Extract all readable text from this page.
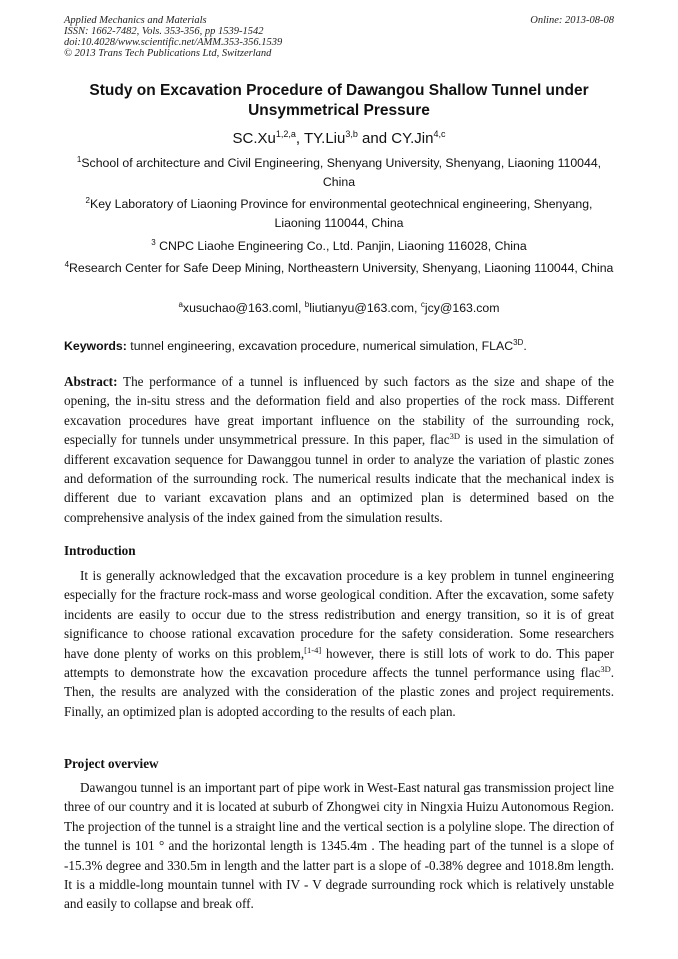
Applied Mechanics and Materials
ISSN: 1662-7482, Vols. 353-356, pp 1539-1542
doi:10.4028/www.scientific.net/AMM.353-356.1539
© 2013 Trans Tech Publications Ltd, Switzerland
Online: 2013-08-08
Study on Excavation Procedure of Dawangou Shallow Tunnel under Unsymmetrical Pressure
SC.Xu$^{1,2,a}$, TY.Liu$^{3,b}$ and CY.Jin$^{4,c}$
$^1$School of architecture and Civil Engineering, Shenyang University, Shenyang, Liaoning 110044, China
$^2$Key Laboratory of Liaoning Province for environmental geotechnical engineering, Shenyang, Liaoning 110044, China
$^3$ CNPC Liaohe Engineering Co., Ltd. Panjin, Liaoning 116028, China
$^4$Research Center for Safe Deep Mining, Northeastern University, Shenyang, Liaoning 110044, China
$^a$xusuchao@163.coml, $^b$liutianyu@163.com, $^c$jcy@163.com
Keywords: tunnel engineering, excavation procedure, numerical simulation, $FLAC^{3D}$.

Abstract: The performance of a tunnel is influenced by such factors as the size and shape of the opening, the in-situ stress and the deformation field and also properties of the rock mass. Different excavation procedures have great important influence on the stability of the surrounding rock, especially for tunnels under unsymmetrical pressure. In this paper, flac$^{3D}$ is used in the simulation of different excavation sequence for Dawanggou tunnel in order to analyze the variation of plastic zones and deformation of the surrounding rock. The numerical results indicate that the mechanical index is different due to variant excavation plans and an optimized plan is determined based on the comprehensive analysis of the index gained from the simulation results.

Introduction

It is generally acknowledged that the excavation procedure is a key problem in tunnel engineering especially for the fracture rock-mass and worse geological condition. After the excavation, some safety incidents are easily to occur due to the stress redistribution and energy transition, so it is of great significance to choose rational excavation procedure for the safety consideration. Some researchers have done plenty of works on this problem,[1-4] however, there is still lots of work to do. This paper attempts to demonstrate how the excavation procedure affects the tunnel performance using flac$^{3D}$. Then, the results are analyzed with the consideration of the plastic zones and project requirements. Finally, an optimized plan is adopted according to the results of each plan.

Project overview

Dawangou tunnel is an important part of pipe work in West-East natural gas transmission project line three of our country and it is located at suburb of Zhongwei city in Ningxia Huizu Autonomous Region. The projection of the tunnel is a straight line and the vertical section is a polyline slope. The direction of the tunnel is 101 ° and the horizontal length is 1345.4m . The heading part of the tunnel is a slope of -15.3% degree and 330.5m in length and the latter part is a slope of -0.38% degree and 1018.8m length. It is a middle-long mountain tunnel with IV - V degrade surrounding rock which is relatively unstable and easily to collapse and break off.
